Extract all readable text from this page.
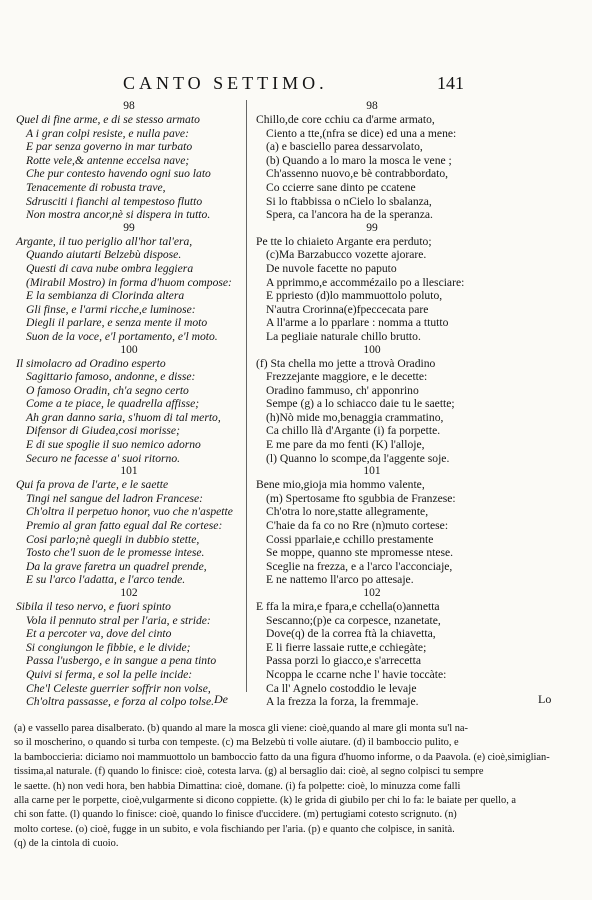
CANTO SETTIMO.	141
98
Quel di fine arme, e di se stesso armato
A i gran colpi resiste, e nulla pave:
E par senza governo in mar turbato
Rotte vele,& antenne eccelsa nave;
Che pur contesto havendo ogni suo lato
Tenacemente di robusta trave,
Sdrusciti i fianchi al tempestoso flutto
Non mostra ancor,nè si dispera in tutto.
99
Argante, il tuo periglio all'hor tal'era,
Quando aiutarti Belzebù dispose.
Questi di cava nube ombra leggiera
(Mirabil Mostro) in forma d'huom compose:
E la sembianza di Clorinda altera
Gli finse, e l'armi ricche,e luminose:
Diegli il parlare, e senza mente il moto
Suon de la voce, e'l portamento, e'l moto.
100
Il simolacro ad Oradino esperto
Sagittario famoso, andonne, e disse:
O famoso Oradin, ch'a segno certo
Come a te piace, le quadrella affisse;
Ah gran danno saria, s'huom di tal merto,
Difensor di Giudea,cosi morisse;
E di sue spoglie il suo nemico adorno
Securo ne facesse a' suoi ritorno.
101
Qui fa prova de l'arte, e le saette
Tingi nel sangue del ladron Francese:
Ch'oltra il perpetuo honor, vuo che n'aspette
Premio al gran fatto egual dal Re cortese:
Cosi parlo;nè quegli in dubbio stette,
Tosto che'l suon de le promesse intese.
Da la grave faretra un quadrel prende,
E su l'arco l'adatta, e l'arco tende.
102
Sibila il teso nervo, e fuori spinto
Vola il pennuto stral per l'aria, e stride:
Et a percoter va, dove del cinto
Si congiungon le fibbie, e le divide;
Passa l'usbergo, e in sangue a pena tinto
Quivi si ferma, e sol la pelle incide:
Che'l Celeste guerrier soffrir non volse,
Ch'oltra passasse, e forza al colpo tolse.
98
Chillo,de core cchiu ca d'arme armato,
Ciento a tte,(nfra se dice) ed una a mene:
(a) e basciello parea dessarvolato,
(b) Quando a lo maro la mosca le vene ;
Ch'assenno nuovo,e bè contrabbordato,
Co ccierre sane dinto pe ccatene
Si lo ftabbissa o nCielo lo sbalanza,
Spera, ca l'ancora ha de la speranza.
99
Pe tte lo chiaieto Argante era perduto;
(c)Ma Barzabucco vozette ajorare.
De nuvole facette no paputo
A pprimmo,e accommézailo po a llesciare:
E ppriesto (d)lo mammuottolo poluto,
N'autra Crorinna(e)fpeccecata pare
A ll'arme a lo pparlare : nomma a ttutto
La pegliaie naturale chillo brutto.
100
(f) Sta chella mo jette a ttrovà Oradino
Frezzejante maggiore, e le decette:
Oradino fammuso, ch' apponrino
Sempe (g) a lo schiacco daie tu le saette;
(h)Nò mide mo,benaggia crammatino,
Ca chillo llà d'Argante (i) fa porpette.
E me pare da mo fenti (K) l'alloje,
(l) Quanno lo scompe,da l'aggente soje.
101
Bene mio,gioja mia hommo valente,
(m) Spertosame fto sgubbia de Franzese:
Ch'otra lo nore,statte allegramente,
C'haie da fa co no Rre (n)muto cortese:
Cossi pparlaie,e cchillo prestamente
Se moppe, quanno ste mpromesse ntese.
Sceglie na frezza, e a l'arco l'acconciaje,
E ne nattemo ll'arco po attesaje.
102
E ffa la mira,e fpara,e cchella(o)annetta
Sescanno;(p)e ca corpesce, nzanetate,
Dove(q) de la correa ftà la chiavetta,
E li fierre lassaie rutte,e cchiegàte;
Passa porzi lo giacco,e s'arrecetta
Ncoppa le ccarne nche l' havie toccàte:
Ca ll' Agnelo costoddio le levaje
A la frezza la forza, la fremmaje.
De	Lo
(a) e vassello parea disalberato. (b) quando al mare la mosca gli viene: cioè,quando al mare gli monta su'l na-
so il moscherino, o quando si turba con tempeste. (c) ma Belzebù ti volle aiutare. (d) il bamboccio pulito, e
la bamboccieria: diciamo noi mammuottolo un bamboccio fatto da una figura d'huomo informe, o da Paavola. (e) cioè,simiglian-
tissima,al naturale. (f) quando lo finisce: cioè, cotesta larva. (g) al bersaglio dai: cioè, al segno colpisci tu sempre
le saette. (h) non vedi hora, ben habbia Dimattina: cioè, domane. (i) fa polpette: cioè, lo minuzza come falli
alla carne per le porpette, cioè,vulgarmente si dicono coppiette. (k) le grida di giubilo per chi lo fa: le baiate per quello, a
chi son fatte. (l) quando lo finisce: cioè, quando lo finisce d'uccidere. (m) pertugiami cotesto scrignuto. (n)
molto cortese. (o) cioè, fugge in un subito, e vola fischiando per l'aria. (p) e quanto che colpisce, in sanità.
(q) de la cintola di cuoio.
